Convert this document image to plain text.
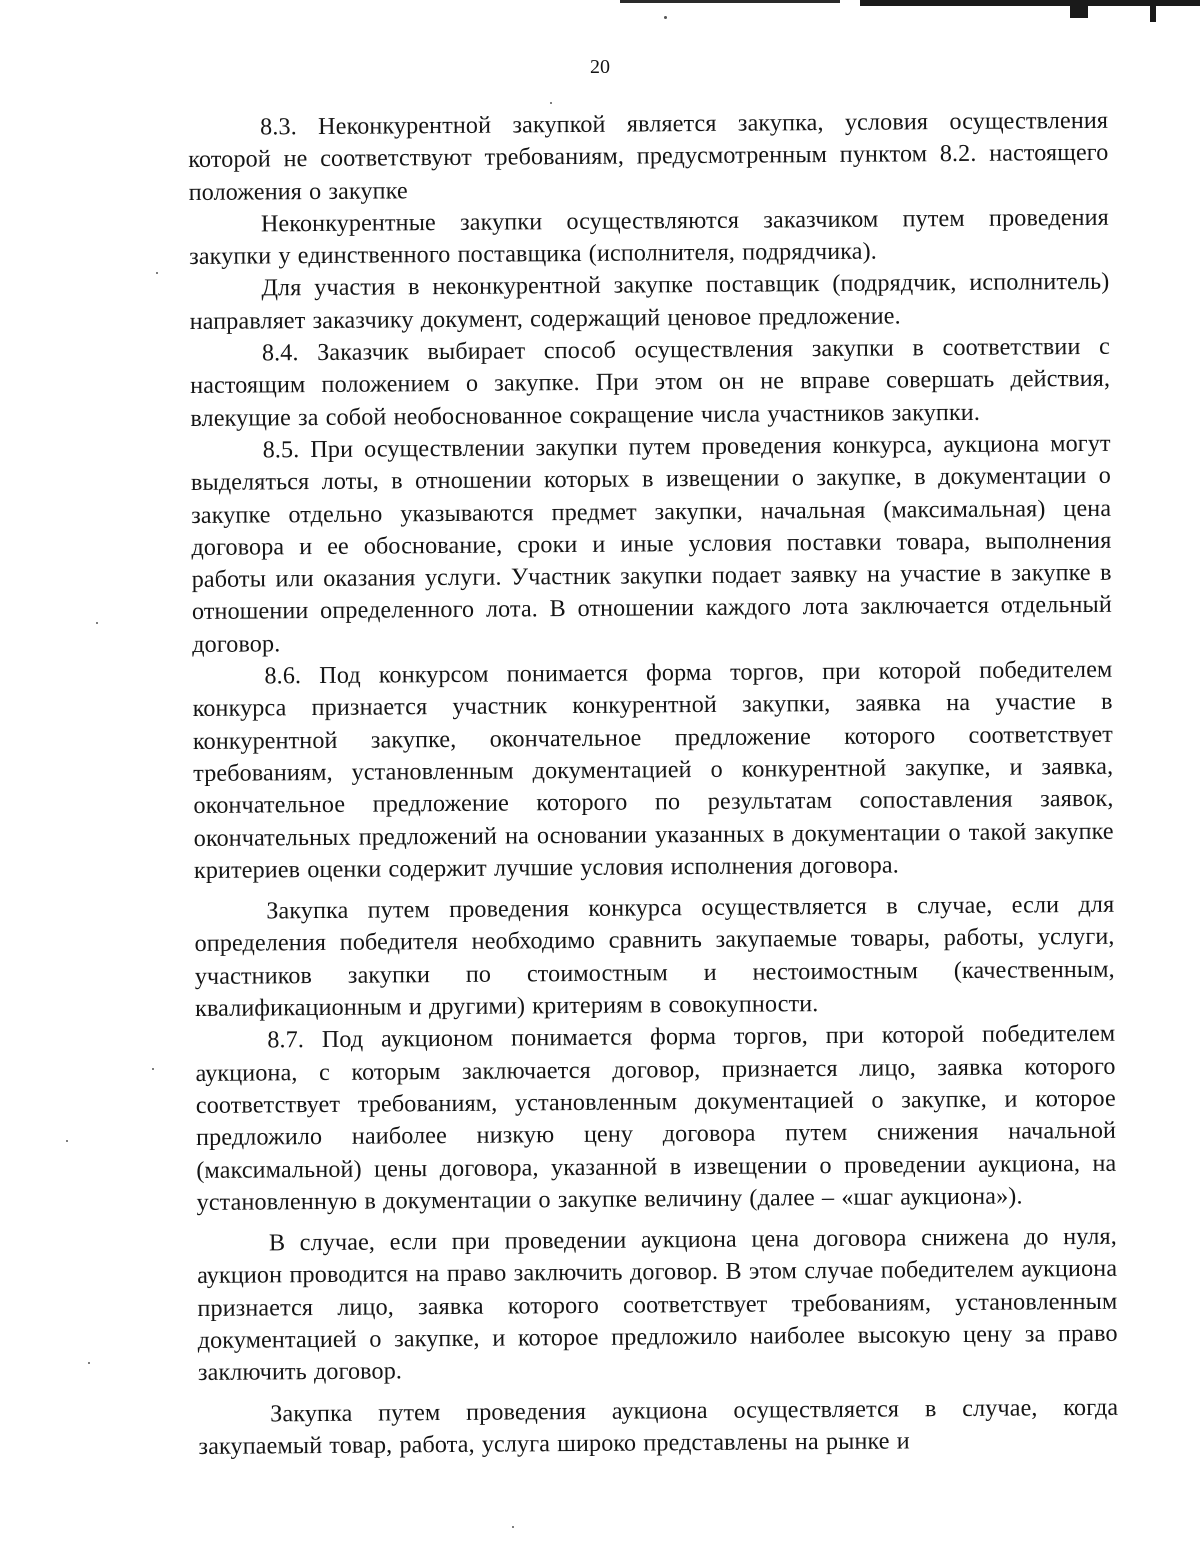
20

8.3. Неконкурентной закупкой является закупка, условия осуществления которой не соответствуют требованиям, предусмотренным пунктом 8.2. настоящего положения о закупке

Неконкурентные закупки осуществляются заказчиком путем проведения закупки у единственного поставщика (исполнителя, подрядчика).

Для участия в неконкурентной закупке поставщик (подрядчик, исполнитель) направляет заказчику документ, содержащий ценовое предложение.

8.4. Заказчик выбирает способ осуществления закупки в соответствии с настоящим положением о закупке. При этом он не вправе совершать действия, влекущие за собой необоснованное сокращение числа участников закупки.

8.5. При осуществлении закупки путем проведения конкурса, аукциона могут выделяться лоты, в отношении которых в извещении о закупке, в документации о закупке отдельно указываются предмет закупки, начальная (максимальная) цена договора и ее обоснование, сроки и иные условия поставки товара, выполнения работы или оказания услуги. Участник закупки подает заявку на участие в закупке в отношении определенного лота. В отношении каждого лота заключается отдельный договор.

8.6. Под конкурсом понимается форма торгов, при которой победителем конкурса признается участник конкурентной закупки, заявка на участие в конкурентной закупке, окончательное предложение которого соответствует требованиям, установленным документацией о конкурентной закупке, и заявка, окончательное предложение которого по результатам сопоставления заявок, окончательных предложений на основании указанных в документации о такой закупке критериев оценки содержит лучшие условия исполнения договора.

Закупка путем проведения конкурса осуществляется в случае, если для определения победителя необходимо сравнить закупаемые товары, работы, услуги, участников закупки по стоимостным и нестоимостным (качественным, квалификационным и другими) критериям в совокупности.

8.7. Под аукционом понимается форма торгов, при которой победителем аукциона, с которым заключается договор, признается лицо, заявка которого соответствует требованиям, установленным документацией о закупке, и которое предложило наиболее низкую цену договора путем снижения начальной (максимальной) цены договора, указанной в извещении о проведении аукциона, на установленную в документации о закупке величину (далее – «шаг аукциона»).

В случае, если при проведении аукциона цена договора снижена до нуля, аукцион проводится на право заключить договор. В этом случае победителем аукциона признается лицо, заявка которого соответствует требованиям, установленным документацией о закупке, и которое предложило наиболее высокую цену за право заключить договор.

Закупка путем проведения аукциона осуществляется в случае, когда закупаемый товар, работа, услуга широко представлены на рынке и
